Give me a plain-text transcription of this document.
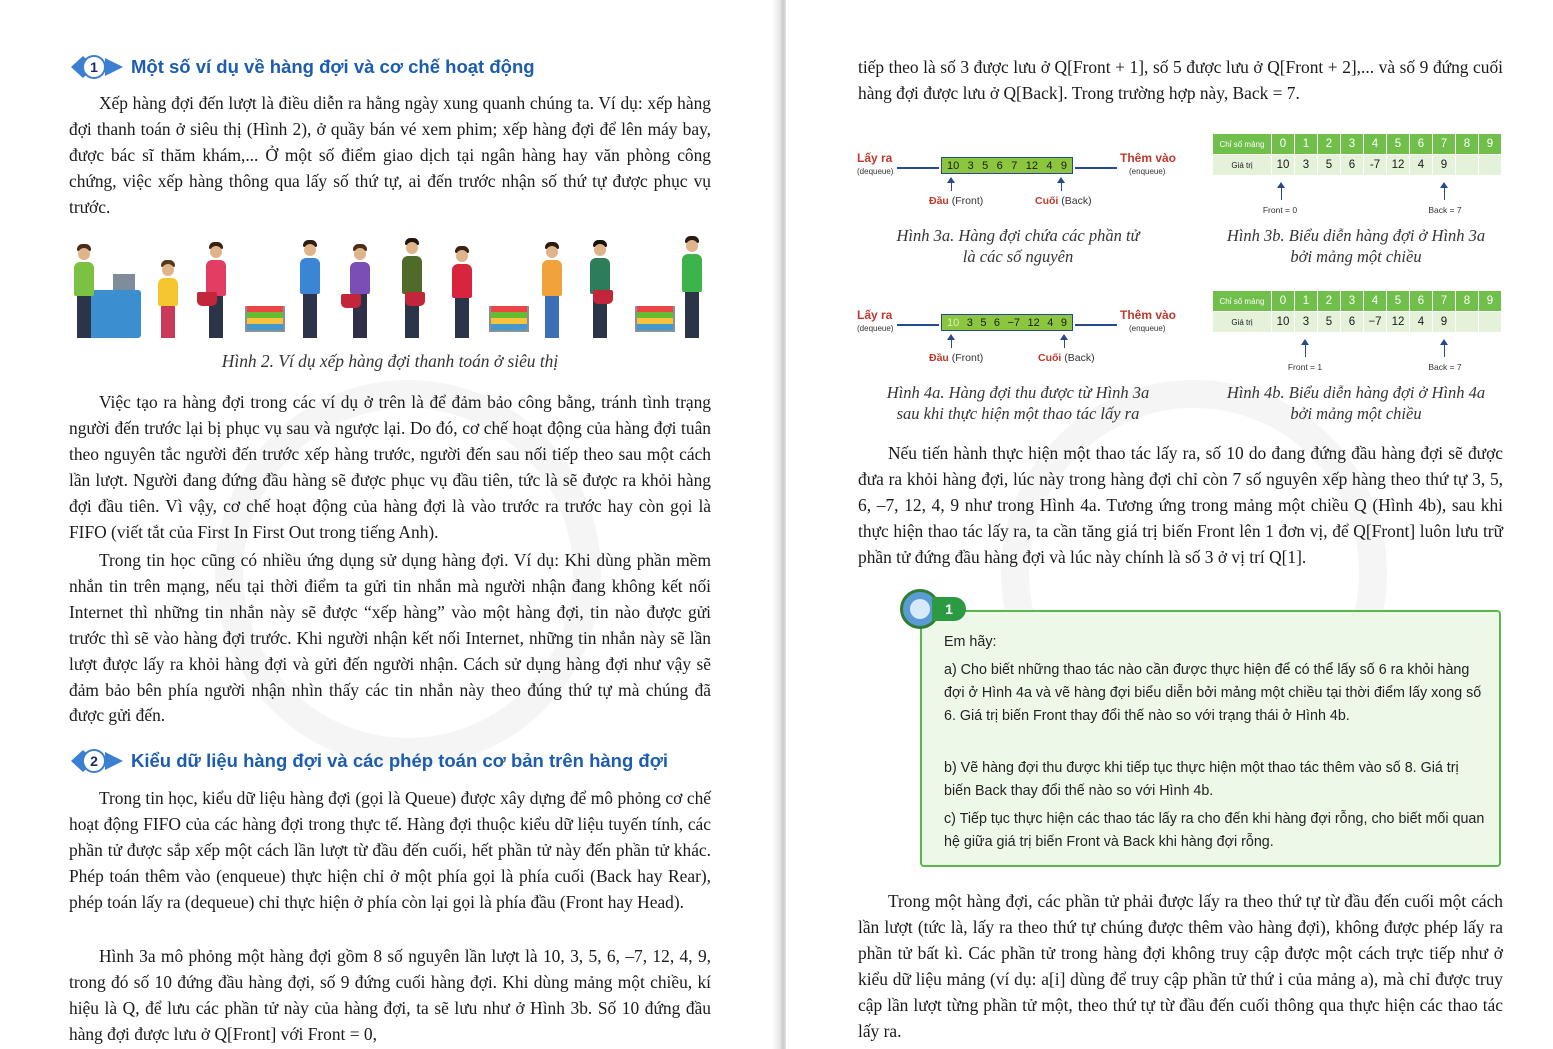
1	Một số ví dụ về hàng đợi và cơ chế hoạt động

Xếp hàng đợi đến lượt là điều diễn ra hằng ngày xung quanh chúng ta. Ví dụ: xếp hàng đợi thanh toán ở siêu thị (Hình 2), ở quầy bán vé xem phim; xếp hàng đợi để lên máy bay, được bác sĩ thăm khám,... Ở một số điểm giao dịch tại ngân hàng hay văn phòng công chứng, việc xếp hàng thông qua lấy số thứ tự, ai đến trước nhận số thứ tự được phục vụ trước.

Hình 2. Ví dụ xếp hàng đợi thanh toán ở siêu thị

Việc tạo ra hàng đợi trong các ví dụ ở trên là để đảm bảo công bằng, tránh tình trạng người đến trước lại bị phục vụ sau và ngược lại. Do đó, cơ chế hoạt động của hàng đợi tuân theo nguyên tắc người đến trước xếp hàng trước, người đến sau nối tiếp theo sau một cách lần lượt. Người đang đứng đầu hàng sẽ được phục vụ đầu tiên, tức là sẽ được ra khỏi hàng đợi đầu tiên. Vì vậy, cơ chế hoạt động của hàng đợi là vào trước ra trước hay còn gọi là FIFO (viết tắt của First In First Out trong tiếng Anh).

Trong tin học cũng có nhiều ứng dụng sử dụng hàng đợi. Ví dụ: Khi dùng phần mềm nhắn tin trên mạng, nếu tại thời điểm ta gửi tin nhắn mà người nhận đang không kết nối Internet thì những tin nhắn này sẽ được “xếp hàng” vào một hàng đợi, tin nào được gửi trước thì sẽ vào hàng đợi trước. Khi người nhận kết nối Internet, những tin nhắn này sẽ lần lượt được lấy ra khỏi hàng đợi và gửi đến người nhận. Cách sử dụng hàng đợi như vậy sẽ đảm bảo bên phía người nhận nhìn thấy các tin nhắn này theo đúng thứ tự mà chúng đã được gửi đến.

2	Kiểu dữ liệu hàng đợi và các phép toán cơ bản trên hàng đợi

Trong tin học, kiểu dữ liệu hàng đợi (gọi là Queue) được xây dựng để mô phỏng cơ chế hoạt động FIFO của các hàng đợi trong thực tế. Hàng đợi thuộc kiểu dữ liệu tuyến tính, các phần tử được sắp xếp một cách lần lượt từ đầu đến cuối, hết phần tử này đến phần tử khác. Phép toán thêm vào (enqueue) thực hiện chỉ ở một phía gọi là phía cuối (Back hay Rear), phép toán lấy ra (dequeue) chỉ thực hiện ở phía còn lại gọi là phía đầu (Front hay Head).

Hình 3a mô phỏng một hàng đợi gồm 8 số nguyên lần lượt là 10, 3, 5, 6, –7, 12, 4, 9, trong đó số 10 đứng đầu hàng đợi, số 9 đứng cuối hàng đợi. Khi dùng mảng một chiều, kí hiệu là Q, để lưu các phần tử này của hàng đợi, ta sẽ lưu như ở Hình 3b. Số 10 đứng đầu hàng đợi được lưu ở Q[Front] với Front = 0,

tiếp theo là số 3 được lưu ở Q[Front + 1], số 5 được lưu ở Q[Front + 2],... và số 9 đứng cuối hàng đợi được lưu ở Q[Back]. Trong trường hợp này, Back = 7.

Lấy ra
(dequeue)	10 3 5 6 7 12 4 9
Thêm vào
(enqueue)
Đầu (Front)	Cuối (Back)
Hình 3a. Hàng đợi chứa các phần tử
là các số nguyên
Chỉ số mảng	0	1	2	3	4	5	6	7	8	9
Giá trị	10	3	5	6	-7	12	4	9		
Front = 0	Back = 7
Hình 3b. Biểu diễn hàng đợi ở Hình 3a
bởi mảng một chiều
Lấy ra
(dequeue)	10 3 5 6 −7 12 4 9
Thêm vào
(enqueue)
Đầu (Front)	Cuối (Back)
Hình 4a. Hàng đợi thu được từ Hình 3a
sau khi thực hiện một thao tác lấy ra
Chỉ số mảng	0	1	2	3	4	5	6	7	8	9
Giá trị	10	3	5	6	−7	12	4	9		
Front = 1	Back = 7
Hình 4b. Biểu diễn hàng đợi ở Hình 4a
bởi mảng một chiều

Nếu tiến hành thực hiện một thao tác lấy ra, số 10 do đang đứng đầu hàng đợi sẽ được đưa ra khỏi hàng đợi, lúc này trong hàng đợi chỉ còn 7 số nguyên xếp hàng theo thứ tự 3, 5, 6, –7, 12, 4, 9 như trong Hình 4a. Tương ứng trong mảng một chiều Q (Hình 4b), sau khi thực hiện thao tác lấy ra, ta cần tăng giá trị biến Front lên 1 đơn vị, để Q[Front] luôn lưu trữ phần tử đứng đầu hàng đợi và lúc này chính là số 3 ở vị trí Q[1].

Em hãy:

a) Cho biết những thao tác nào cần được thực hiện để có thể lấy số 6 ra khỏi hàng đợi ở Hình 4a và vẽ hàng đợi biểu diễn bởi mảng một chiều tại thời điểm lấy xong số 6. Giá trị biến Front thay đổi thế nào so với trạng thái ở Hình 4b.

b) Vẽ hàng đợi thu được khi tiếp tục thực hiện một thao tác thêm vào số 8. Giá trị biến Back thay đổi thế nào so với Hình 4b.

c) Tiếp tục thực hiện các thao tác lấy ra cho đến khi hàng đợi rỗng, cho biết mối quan hệ giữa giá trị biến Front và Back khi hàng đợi rỗng.

1

Trong một hàng đợi, các phần tử phải được lấy ra theo thứ tự từ đầu đến cuối một cách lần lượt (tức là, lấy ra theo thứ tự chúng được thêm vào hàng đợi), không được phép lấy ra phần tử bất kì. Các phần tử trong hàng đợi không truy cập được một cách trực tiếp như ở kiểu dữ liệu mảng (ví dụ: a[i] dùng để truy cập phần tử thứ i của mảng a), mà chỉ được truy cập lần lượt từng phần tử một, theo thứ tự từ đầu đến cuối thông qua thực hiện các thao tác lấy ra.
